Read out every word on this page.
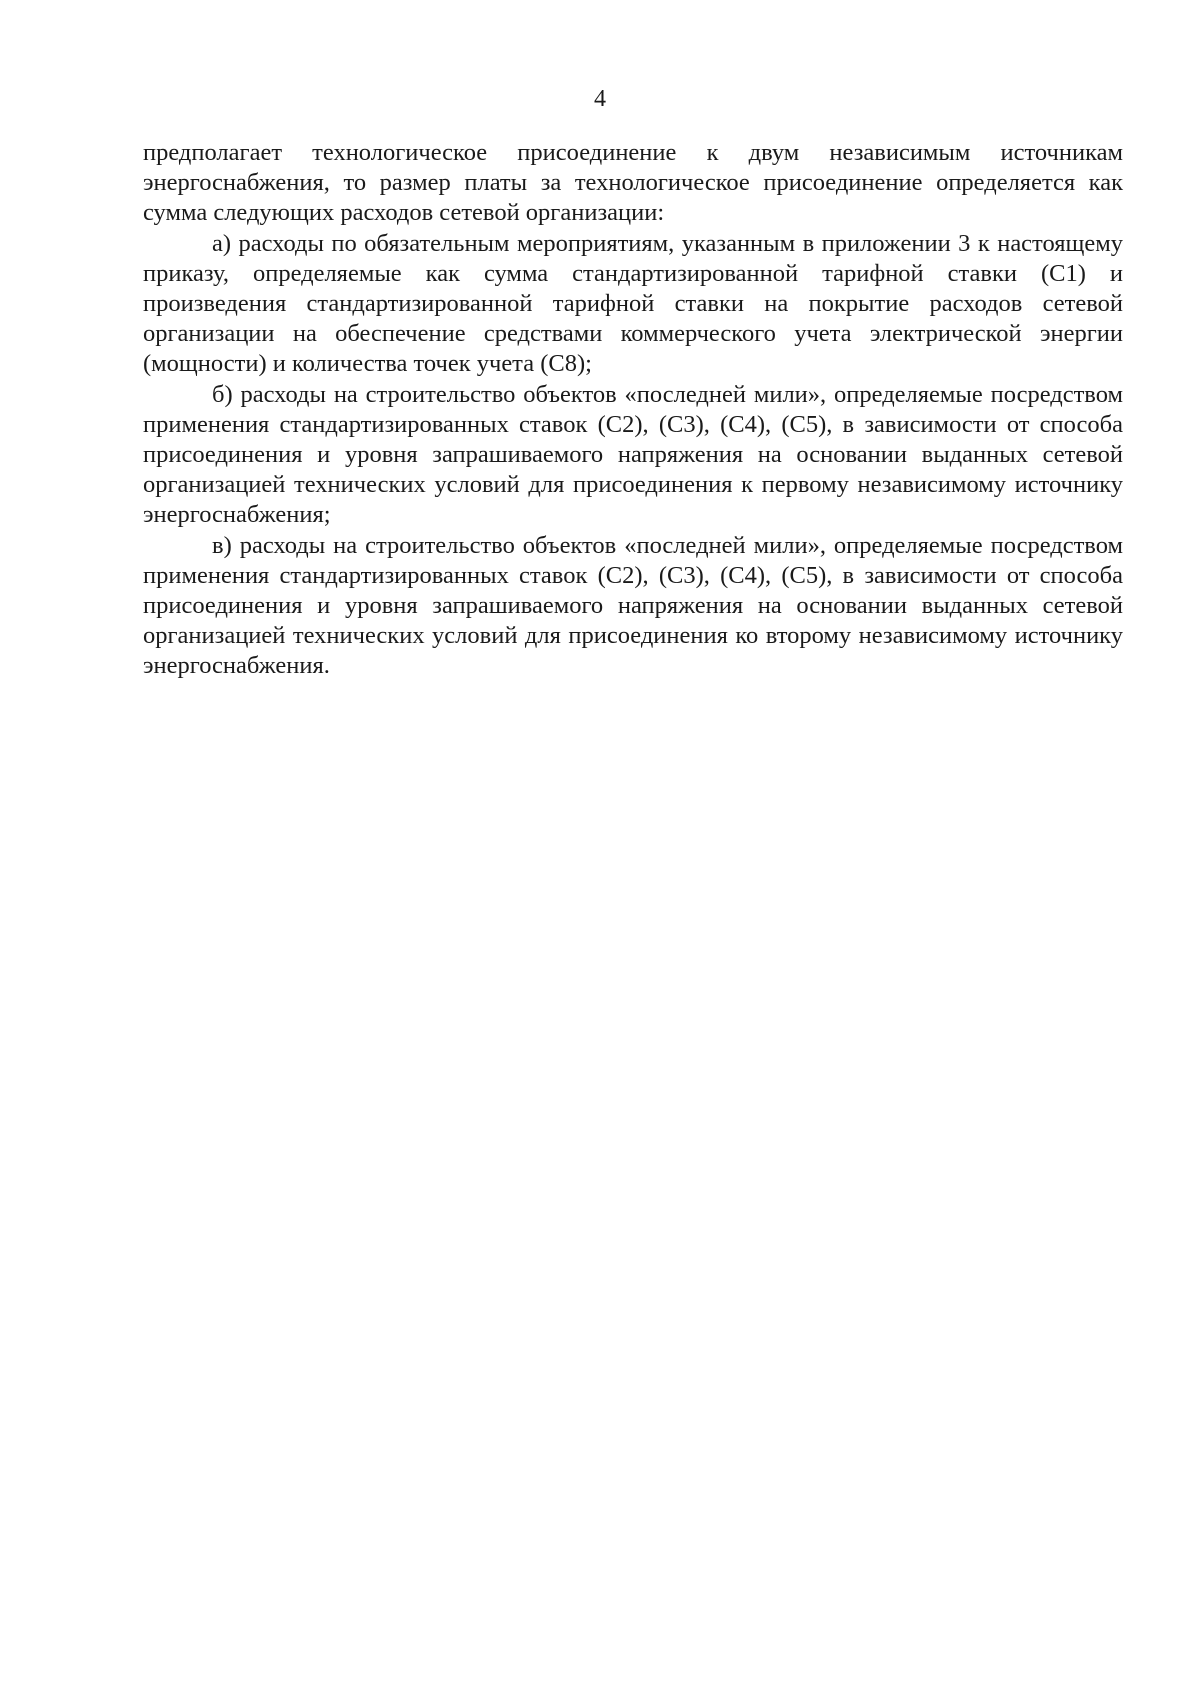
4

предполагает технологическое присоединение к двум независимым источникам энергоснабжения, то размер платы за технологическое присоединение определяется как сумма следующих расходов сетевой организации:

а) расходы по обязательным мероприятиям, указанным в приложении 3 к настоящему приказу, определяемые как сумма стандартизированной тарифной ставки (С1) и произведения стандартизированной тарифной ставки на покрытие расходов сетевой организации на обеспечение средствами коммерческого учета электрической энергии (мощности) и количества точек учета (С8);

б) расходы на строительство объектов «последней мили», определяемые посредством применения стандартизированных ставок (С2), (С3), (С4), (С5), в зависимости от способа присоединения и уровня запрашиваемого напряжения на основании выданных сетевой организацией технических условий для присоединения к первому независимому источнику энергоснабжения;

в) расходы на строительство объектов «последней мили», определяемые посредством применения стандартизированных ставок (С2), (С3), (С4), (С5), в зависимости от способа присоединения и уровня запрашиваемого напряжения на основании выданных сетевой организацией технических условий для присоединения ко второму независимому источнику энергоснабжения.
